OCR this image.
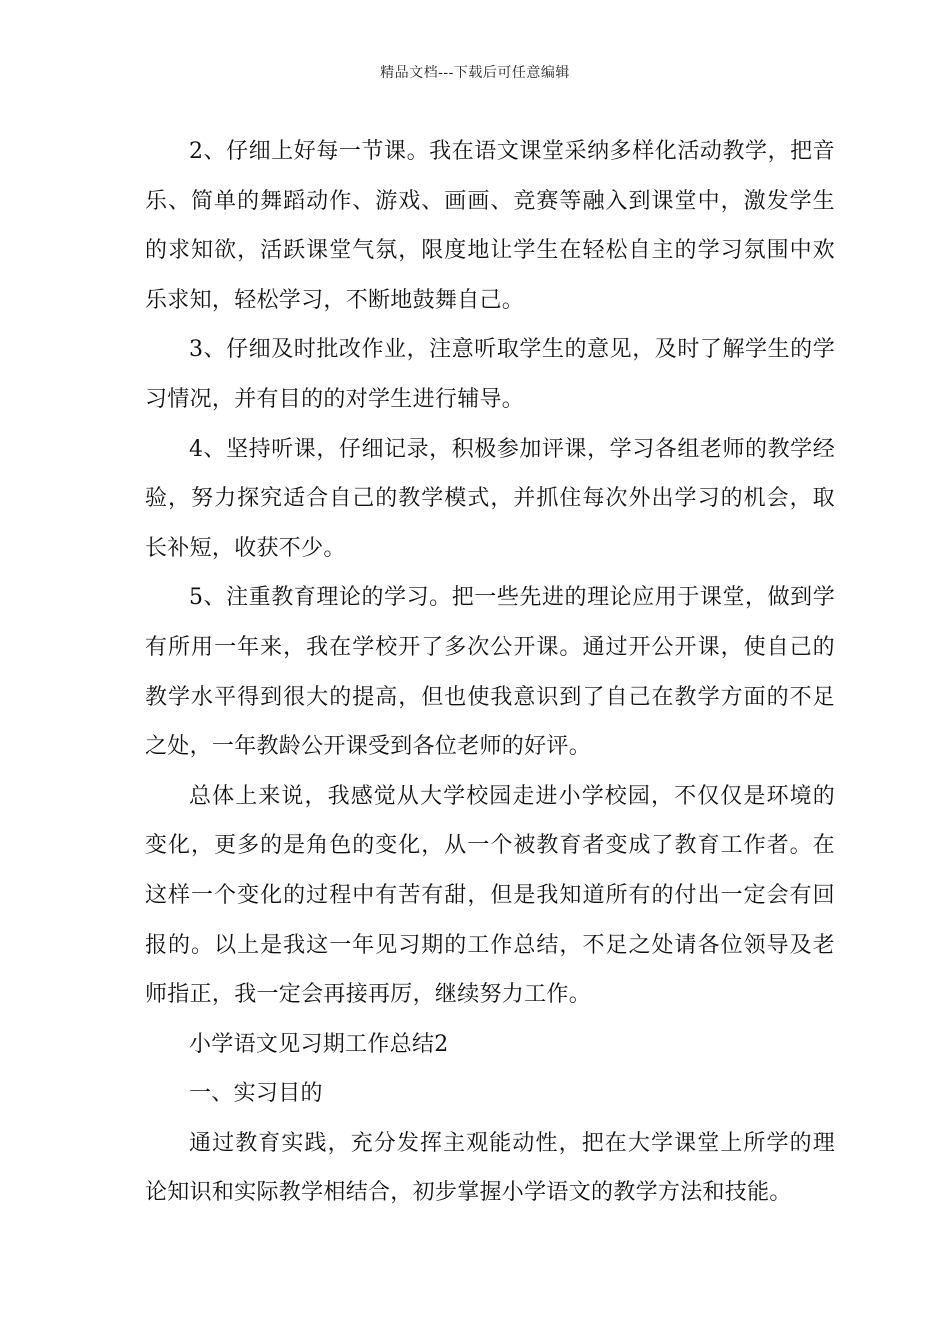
精品文档---下载后可任意编辑

2、仔细上好每一节课。我在语文课堂采纳多样化活动教学，把音乐、简单的舞蹈动作、游戏、画画、竞赛等融入到课堂中，激发学生的求知欲，活跃课堂气氛，限度地让学生在轻松自主的学习氛围中欢乐求知，轻松学习，不断地鼓舞自己。

3、仔细及时批改作业，注意听取学生的意见，及时了解学生的学习情况，并有目的的对学生进行辅导。

4、坚持听课，仔细记录，积极参加评课，学习各组老师的教学经验，努力探究适合自己的教学模式，并抓住每次外出学习的机会，取长补短，收获不少。

5、注重教育理论的学习。把一些先进的理论应用于课堂，做到学有所用一年来，我在学校开了多次公开课。通过开公开课，使自己的教学水平得到很大的提高，但也使我意识到了自己在教学方面的不足之处，一年教龄公开课受到各位老师的好评。

总体上来说，我感觉从大学校园走进小学校园，不仅仅是环境的变化，更多的是角色的变化，从一个被教育者变成了教育工作者。在这样一个变化的过程中有苦有甜，但是我知道所有的付出一定会有回报的。以上是我这一年见习期的工作总结，不足之处请各位领导及老师指正，我一定会再接再厉，继续努力工作。

小学语文见习期工作总结2

一、实习目的

通过教育实践，充分发挥主观能动性，把在大学课堂上所学的理论知识和实际教学相结合，初步掌握小学语文的教学方法和技能。
